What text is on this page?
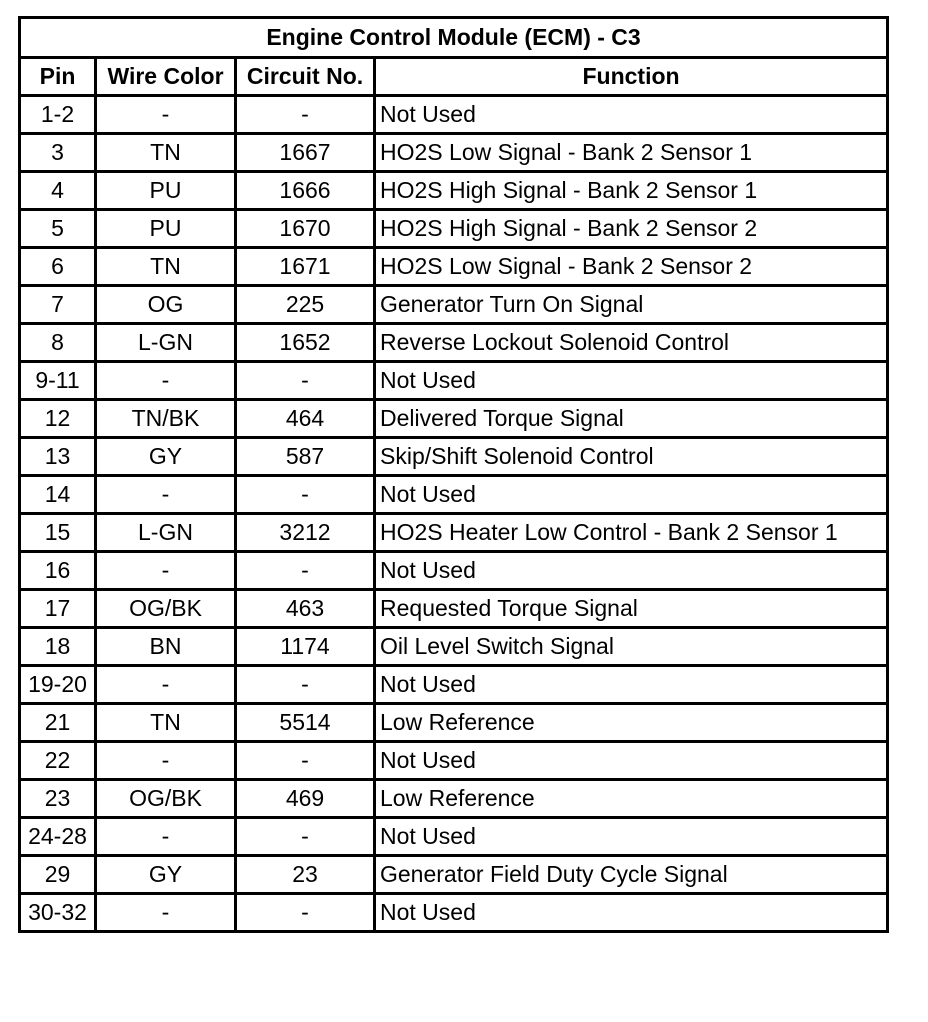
Engine Control Module (ECM) - C3			
Pin	Wire Color	Circuit No.	Function
1-2	-	-	Not Used
3	TN	1667	HO2S Low Signal - Bank 2 Sensor 1
4	PU	1666	HO2S High Signal - Bank 2 Sensor 1
5	PU	1670	HO2S High Signal - Bank 2 Sensor 2
6	TN	1671	HO2S Low Signal - Bank 2 Sensor 2
7	OG	225	Generator Turn On Signal
8	L-GN	1652	Reverse Lockout Solenoid Control
9-11	-	-	Not Used
12	TN/BK	464	Delivered Torque Signal
13	GY	587	Skip/Shift Solenoid Control
14	-	-	Not Used
15	L-GN	3212	HO2S Heater Low Control - Bank 2 Sensor 1
16	-	-	Not Used
17	OG/BK	463	Requested Torque Signal
18	BN	1174	Oil Level Switch Signal
19-20	-	-	Not Used
21	TN	5514	Low Reference
22	-	-	Not Used
23	OG/BK	469	Low Reference
24-28	-	-	Not Used
29	GY	23	Generator Field Duty Cycle Signal
30-32	-	-	Not Used
